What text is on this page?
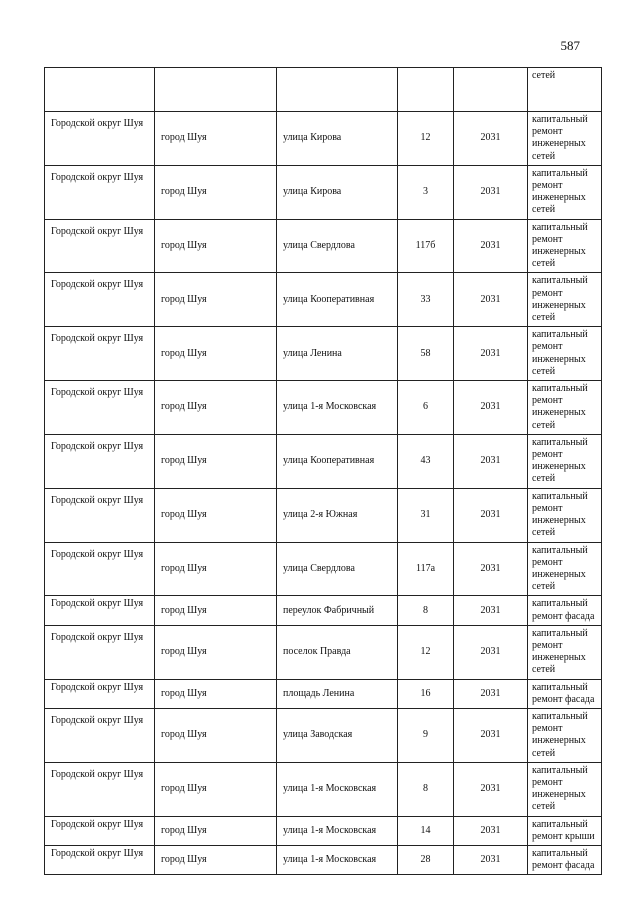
587
					сетей
Городской округ Шуя	город Шуя	улица Кирова	12	2031	капитальный ремонт инженерных сетей
Городской округ Шуя	город Шуя	улица Кирова	3	2031	капитальный ремонт инженерных сетей
Городской округ Шуя	город Шуя	улица Свердлова	117б	2031	капитальный ремонт инженерных сетей
Городской округ Шуя	город Шуя	улица Кооперативная	33	2031	капитальный ремонт инженерных сетей
Городской округ Шуя	город Шуя	улица Ленина	58	2031	капитальный ремонт инженерных сетей
Городской округ Шуя	город Шуя	улица 1-я Московская	6	2031	капитальный ремонт инженерных сетей
Городской округ Шуя	город Шуя	улица Кооперативная	43	2031	капитальный ремонт инженерных сетей
Городской округ Шуя	город Шуя	улица 2-я Южная	31	2031	капитальный ремонт инженерных сетей
Городской округ Шуя	город Шуя	улица Свердлова	117а	2031	капитальный ремонт инженерных сетей
Городской округ Шуя	город Шуя	переулок Фабричный	8	2031	капитальный ремонт фасада
Городской округ Шуя	город Шуя	поселок Правда	12	2031	капитальный ремонт инженерных сетей
Городской округ Шуя	город Шуя	площадь Ленина	16	2031	капитальный ремонт фасада
Городской округ Шуя	город Шуя	улица Заводская	9	2031	капитальный ремонт инженерных сетей
Городской округ Шуя	город Шуя	улица 1-я Московская	8	2031	капитальный ремонт инженерных сетей
Городской округ Шуя	город Шуя	улица 1-я Московская	14	2031	капитальный ремонт крыши
Городской округ Шуя	город Шуя	улица 1-я Московская	28	2031	капитальный ремонт фасада
